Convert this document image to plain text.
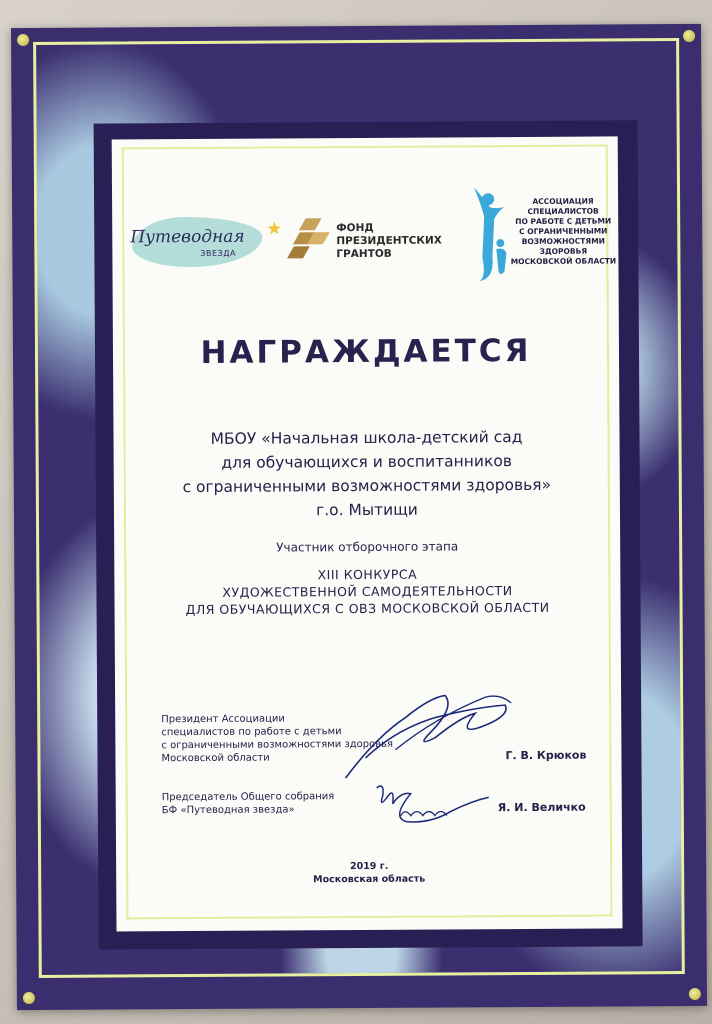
Путеводная
ЗВЕЗДА
★	ФОНД
ПРЕЗИДЕНТСКИХ
ГРАНТОВ
АССОЦИАЦИЯ СПЕЦИАЛИСТОВ
ПО РАБОТЕ С ДЕТЬМИ
С ОГРАНИЧЕННЫМИ
ВОЗМОЖНОСТЯМИ ЗДОРОВЬЯ
МОСКОВСКОЙ ОБЛАСТИ
НАГРАЖДАЕТСЯ
МБОУ «Начальная школа-детский сад
для обучающихся и воспитанников
с ограниченными возможностями здоровья»
г.о. Мытищи
Участник отборочного этапа
XIII КОНКУРСА
ХУДОЖЕСТВЕННОЙ САМОДЕЯТЕЛЬНОСТИ
ДЛЯ ОБУЧАЮЩИХСЯ С ОВЗ МОСКОВСКОЙ ОБЛАСТИ
Президент Ассоциации
специалистов по работе с детьми
с ограниченными возможностями здоровья
Московской области	Г. В. Крюков
Председатель Общего собрания
БФ «Путеводная звезда»	Я. И. Величко
2019 г.
Московская область
